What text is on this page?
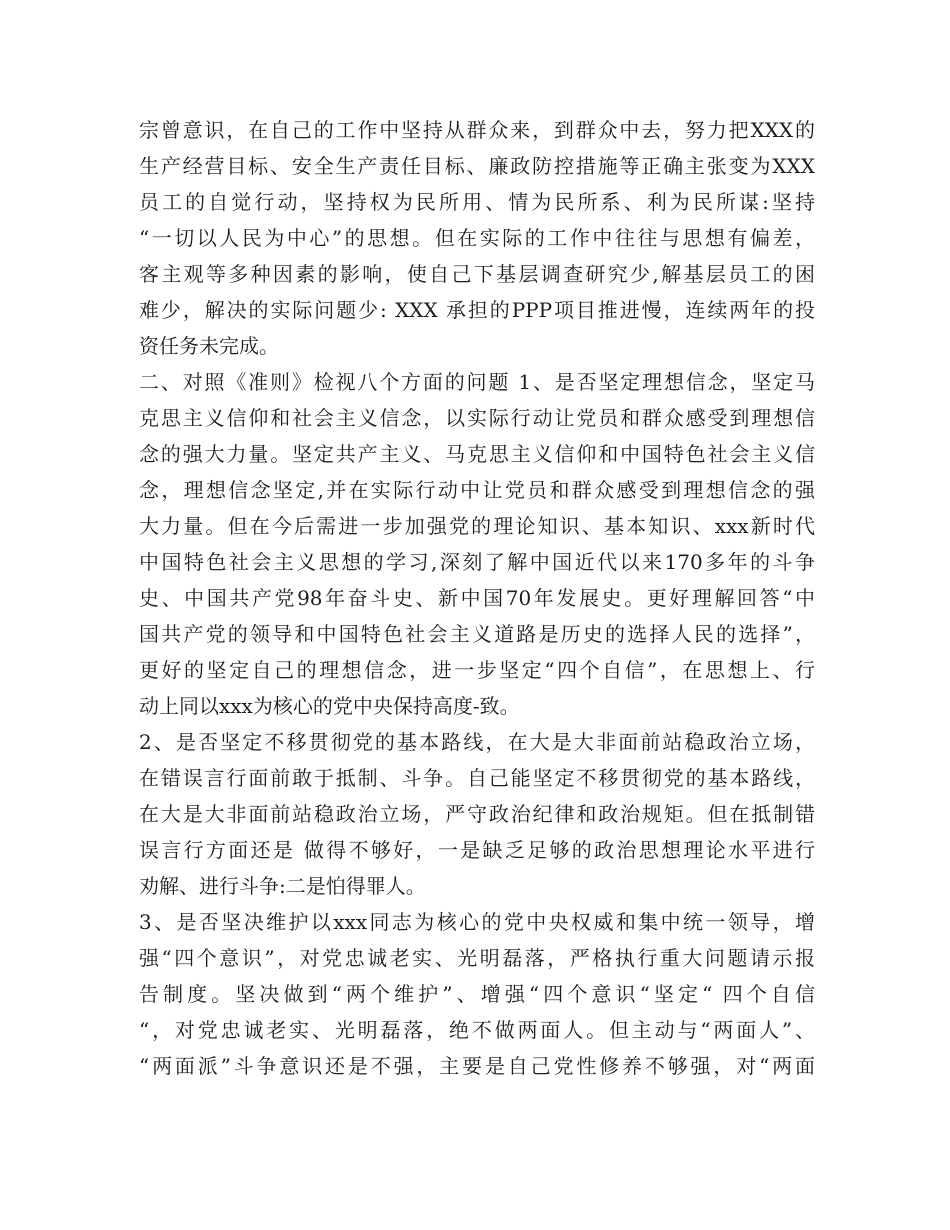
宗曾意识，在自己的工作中坚持从群众来，到群众中去，努力把XXX的
生产经营目标、安全生产责任目标、廉政防控措施等正确主张变为XXX
员工的自觉行动，坚持权为民所用、情为民所系、利为民所谋:坚持
“一切以人民为中心”的思想。但在实际的工作中往往与思想有偏差，
客主观等多种因素的影响，使自己下基层调查研究少,解基层员工的困
难少，解决的实际问题少: XXX 承担的PPP项目推进慢，连续两年的投
资任务未完成。
二、对照《准则》检视八个方面的问题 1、是否坚定理想信念，坚定马
克思主义信仰和社会主义信念，以实际行动让党员和群众感受到理想信
念的强大力量。坚定共产主义、马克思主义信仰和中国特色社会主义信
念，理想信念坚定,并在实际行动中让党员和群众感受到理想信念的强
大力量。但在今后需进一步加强党的理论知识、基本知识、xxx新时代
中国特色社会主义思想的学习,深刻了解中国近代以来170多年的斗争
史、中国共产党98年奋斗史、新中国70年发展史。更好理解回答“中
国共产党的领导和中国特色社会主义道路是历史的选择人民的选择”，
更好的坚定自己的理想信念，进一步坚定“四个自信”，在思想上、行
动上同以xxx为核心的党中央保持高度-致。
2、是否坚定不移贯彻党的基本路线，在大是大非面前站稳政治立场，
在错误言行面前敢于抵制、斗争。自己能坚定不移贯彻党的基本路线，
在大是大非面前站稳政治立场，严守政治纪律和政治规矩。但在抵制错
误言行方面还是 做得不够好，一是缺乏足够的政治思想理论水平进行
劝解、进行斗争:二是怕得罪人。
3、是否坚决维护以xxx同志为核心的党中央权威和集中统一领导，增
强“四个意识”，对党忠诚老实、光明磊落，严格执行重大问题请示报
告制度。坚决做到“两个维护”、增强“四个意识“坚定“ 四个自信
“，对党忠诚老实、光明磊落，绝不做两面人。但主动与“两面人”、
“两面派”斗争意识还是不强，主要是自己党性修养不够强，对“两面
